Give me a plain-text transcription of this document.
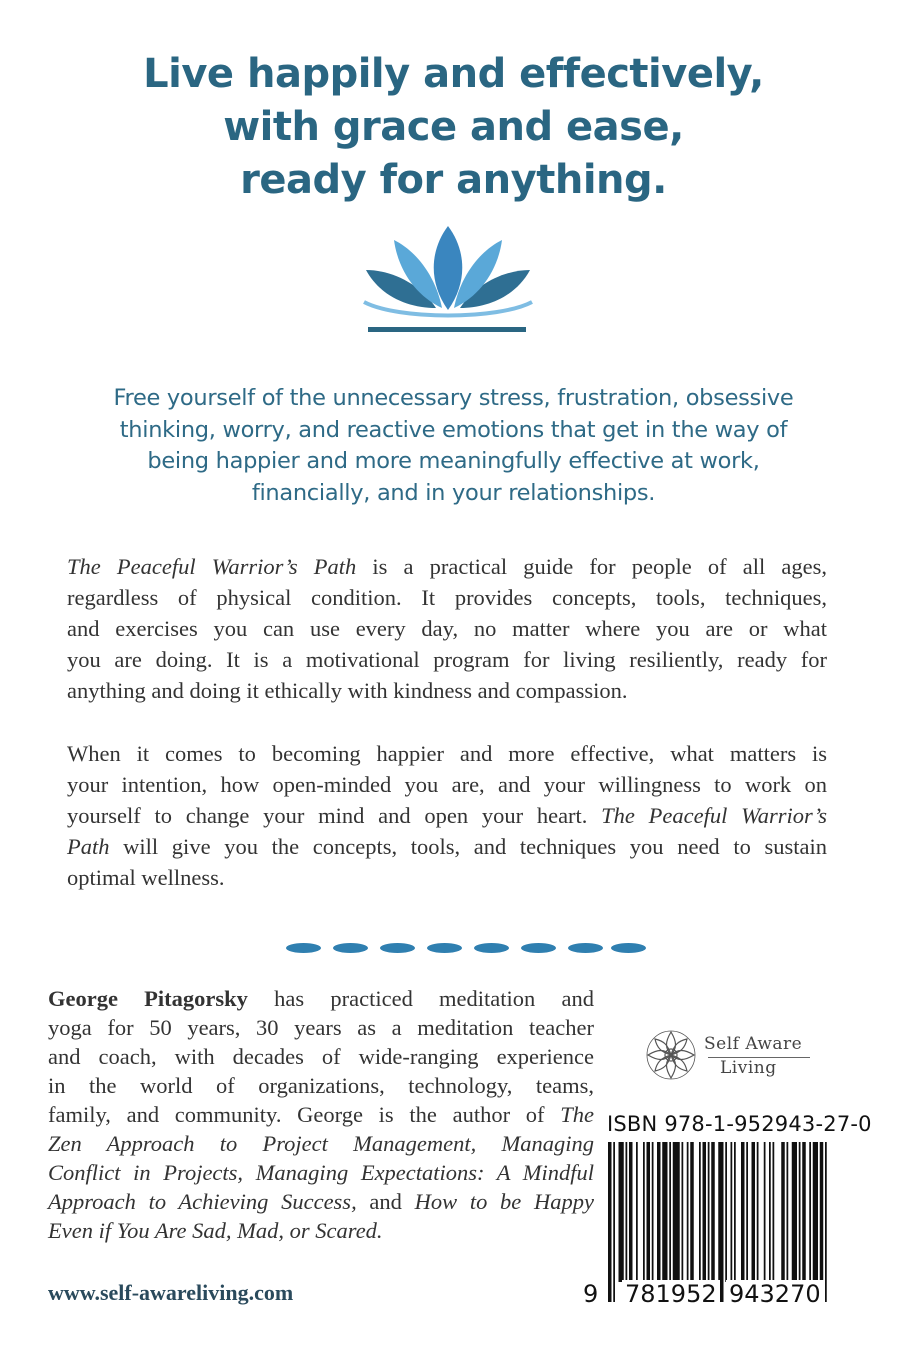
Live happily and effectively,
with grace and ease,
ready for anything.
Free yourself of the unnecessary stress, frustration, obsessive
thinking, worry, and reactive emotions that get in the way of
being happier and more meaningfully effective at work,
financially, and in your relationships.
The Peaceful Warrior’s Path is a practical guide for people of all ages,
regardless of physical condition. It provides concepts, tools, techniques,
and exercises you can use every day, no matter where you are or what
you are doing. It is a motivational program for living resiliently, ready for
anything and doing it ethically with kindness and compassion.
When it comes to becoming happier and more effective, what matters is
your intention, how open-minded you are, and your willingness to work on
yourself to change your mind and open your heart. The Peaceful Warrior’s
Path will give you the concepts, tools, and techniques you need to sustain
optimal wellness.
George Pitagorsky has practiced meditation and
yoga for 50 years, 30 years as a meditation teacher
and coach, with decades of wide-ranging experience
in the world of organizations, technology, teams,
family, and community. George is the author of The
Zen Approach to Project Management, Managing
Conflict in Projects, Managing Expectations: A Mindful
Approach to Achieving Success, and How to be Happy
Even if You Are Sad, Mad, or Scared.
www.self-awareliving.com
Self Aware
Living
ISBN 978-1-952943-27-0
9 781952 943270
